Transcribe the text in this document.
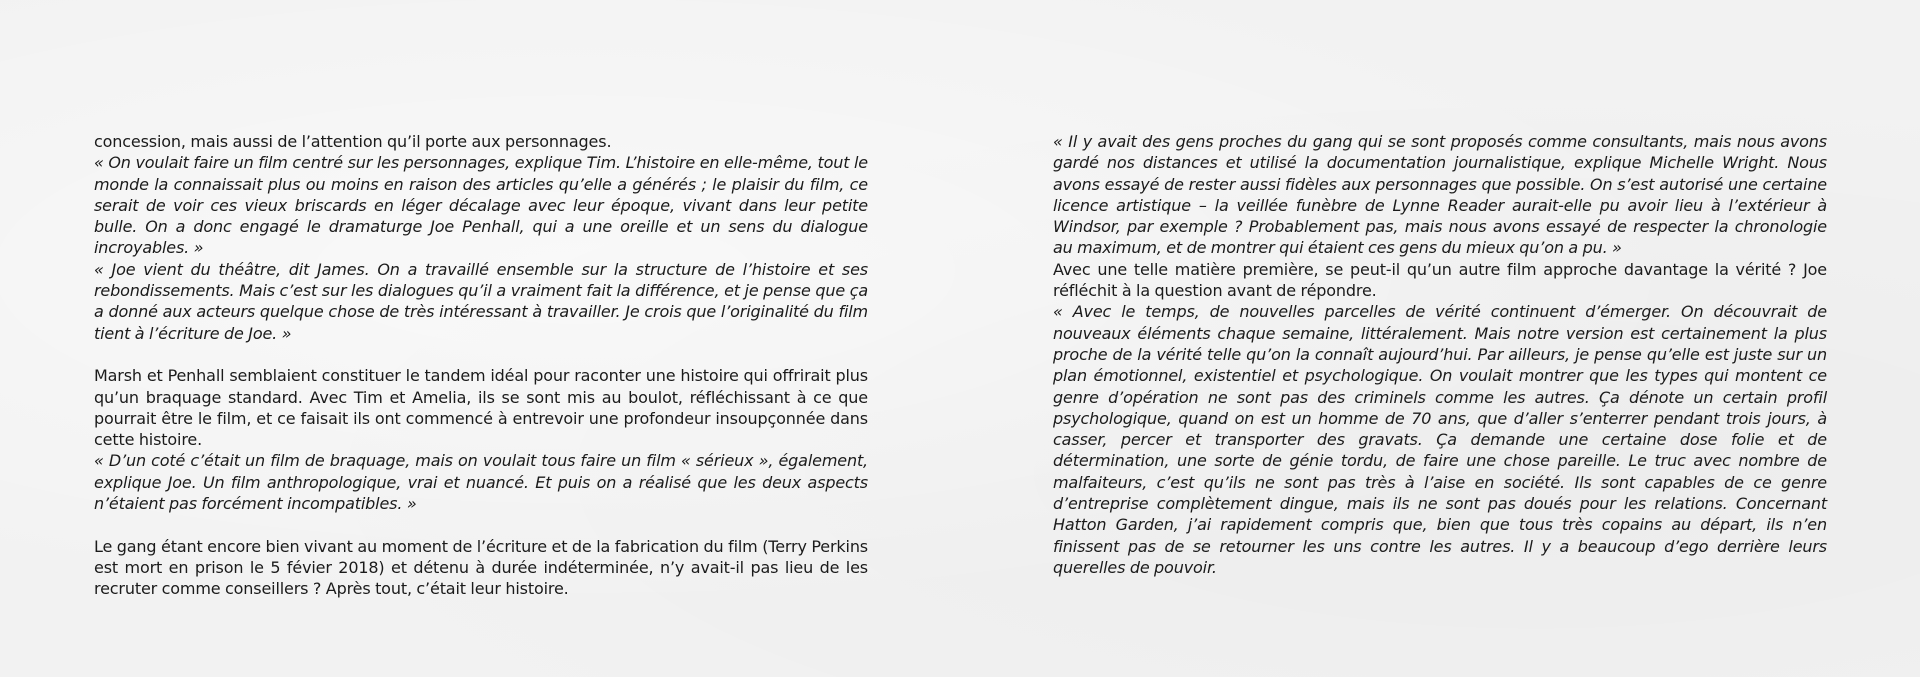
concession, mais aussi de l’attention qu’il porte aux personnages.

« On voulait faire un film centré sur les personnages, explique Tim. L’histoire en elle-même, tout le monde la connaissait plus ou moins en raison des articles qu’elle a générés ; le plaisir du film, ce serait de voir ces vieux briscards en léger décalage avec leur époque, vivant dans leur petite bulle. On a donc engagé le dramaturge Joe Penhall, qui a une oreille et un sens du dialogue incroyables. »

« Joe vient du théâtre, dit James. On a travaillé ensemble sur la structure de l’histoire et ses rebondissements. Mais c’est sur les dialogues qu’il a vraiment fait la différence, et je pense que ça a donné aux acteurs quelque chose de très intéressant à travailler. Je crois que l’originalité du film tient à l’écriture de Joe. »

Marsh et Penhall semblaient constituer le tandem idéal pour raconter une histoire qui offrirait plus qu’un braquage standard. Avec Tim et Amelia, ils se sont mis au boulot, réfléchissant à ce que pourrait être le film, et ce faisait ils ont commencé à entrevoir une profondeur insoupçonnée dans cette histoire.

« D’un coté c’était un film de braquage, mais on voulait tous faire un film « sérieux », également, explique Joe. Un film anthropologique, vrai et nuancé. Et puis on a réalisé que les deux aspects n’étaient pas forcément incompatibles. »

Le gang étant encore bien vivant au moment de l’écriture et de la fabrication du film (Terry Perkins est mort en prison le 5 févier 2018) et détenu à durée indéterminée, n’y avait-il pas lieu de les recruter comme conseillers ? Après tout, c’était leur histoire.

« Il y avait des gens proches du gang qui se sont proposés comme consultants, mais nous avons gardé nos distances et utilisé la documentation journalistique, explique Michelle Wright. Nous avons essayé de rester aussi fidèles aux personnages que possible. On s’est autorisé une certaine licence artistique – la veillée funèbre de Lynne Reader aurait-elle pu avoir lieu à l’extérieur à Windsor, par exemple ? Probablement pas, mais nous avons essayé de respecter la chronologie au maximum, et de montrer qui étaient ces gens du mieux qu’on a pu. »

Avec une telle matière première, se peut-il qu’un autre film approche davantage la vérité ? Joe réfléchit à la question avant de répondre.

« Avec le temps, de nouvelles parcelles de vérité continuent d’émerger. On découvrait de nouveaux éléments chaque semaine, littéralement. Mais notre version est certainement la plus proche de la vérité telle qu’on la connaît aujourd’hui. Par ailleurs, je pense qu’elle est juste sur un plan émotionnel, existentiel et psychologique. On voulait montrer que les types qui montent ce genre d’opération ne sont pas des criminels comme les autres. Ça dénote un certain profil psychologique, quand on est un homme de 70 ans, que d’aller s’enterrer pendant trois jours, à casser, percer et transporter des gravats. Ça demande une certaine dose folie et de détermination, une sorte de génie tordu, de faire une chose pareille. Le truc avec nombre de malfaiteurs, c’est qu’ils ne sont pas très à l’aise en société. Ils sont capables de ce genre d’entreprise complètement dingue, mais ils ne sont pas doués pour les relations. Concernant Hatton Garden, j’ai rapidement compris que, bien que tous très copains au départ, ils n’en finissent pas de se retourner les uns contre les autres. Il y a beaucoup d’ego derrière leurs querelles de pouvoir.
